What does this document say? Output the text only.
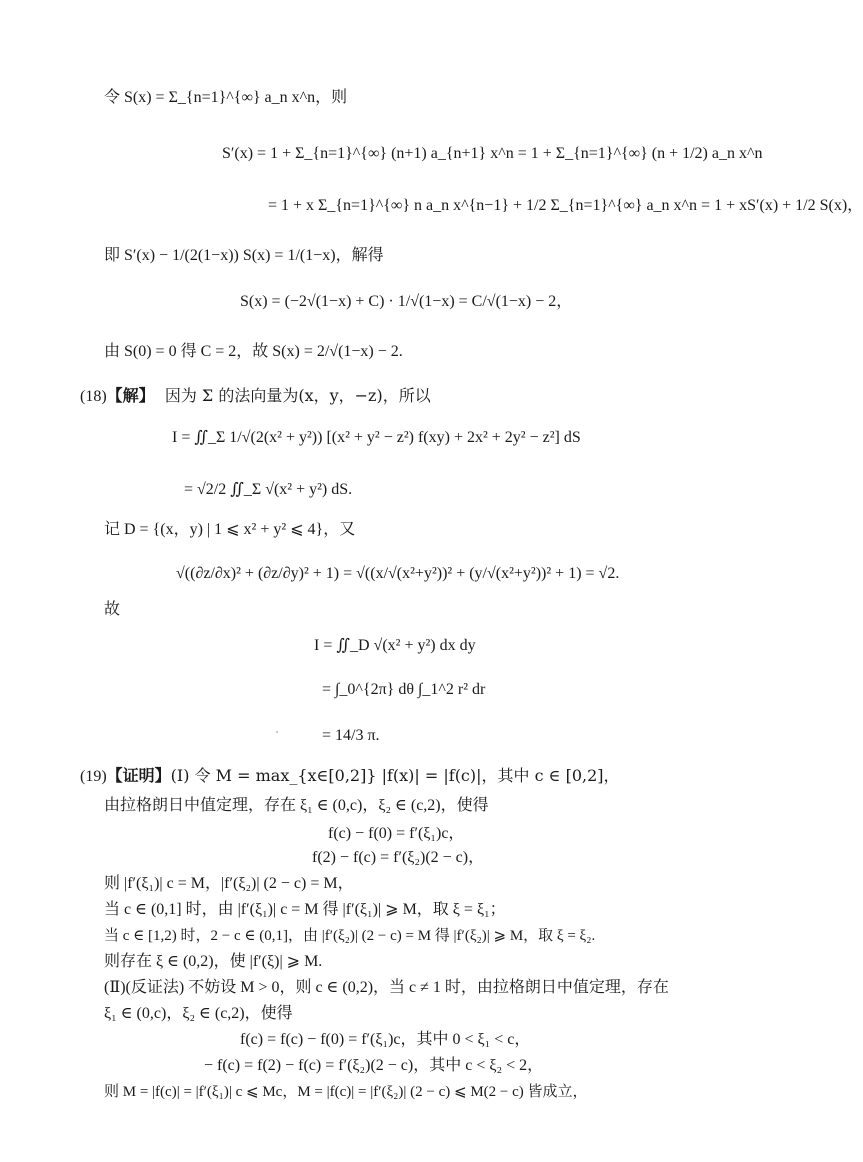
令 S(x) = Σ_{n=1}^{∞} a_n x^n，则
S′(x) = 1 + Σ_{n=1}^{∞} (n+1) a_{n+1} x^n = 1 + Σ_{n=1}^{∞} (n + 1/2) a_n x^n
= 1 + x Σ_{n=1}^{∞} n a_n x^{n−1} + 1/2 Σ_{n=1}^{∞} a_n x^n = 1 + xS′(x) + 1/2 S(x)，
即 S′(x) − 1/(2(1−x)) S(x) = 1/(1−x)，解得
S(x) = (−2√(1−x) + C) · 1/√(1−x) = C/√(1−x) − 2，
由 S(0) = 0 得 C = 2，故 S(x) = 2/√(1−x) − 2.
(18)【解】 因为 Σ 的法向量为(x，y，−z)，所以
I = ∬_Σ 1/√(2(x² + y²)) [(x² + y² − z²) f(xy) + 2x² + 2y² − z²] dS
= √2/2 ∬_Σ √(x² + y²) dS.
记 D = {(x，y) | 1 ⩽ x² + y² ⩽ 4}，又
√((∂z/∂x)² + (∂z/∂y)² + 1) = √((x/√(x²+y²))² + (y/√(x²+y²))² + 1) = √2.
故
I = ∬_D √(x² + y²) dx dy
= ∫_0^{2π} dθ ∫_1^2 r² dr
= 14/3 π.
(19)【证明】(Ⅰ) 令 M = max_{x∈[0,2]} |f(x)| = |f(c)|，其中 c ∈ [0,2]，
由拉格朗日中值定理，存在 ξ₁ ∈ (0,c)，ξ₂ ∈ (c,2)，使得
f(c) − f(0) = f′(ξ₁)c，
f(2) − f(c) = f′(ξ₂)(2 − c)，
则 |f′(ξ₁)| c = M，|f′(ξ₂)| (2 − c) = M，
当 c ∈ (0,1] 时，由 |f′(ξ₁)| c = M 得 |f′(ξ₁)| ⩾ M，取 ξ = ξ₁；
当 c ∈ [1,2) 时，2 − c ∈ (0,1]，由 |f′(ξ₂)| (2 − c) = M 得 |f′(ξ₂)| ⩾ M，取 ξ = ξ₂.
则存在 ξ ∈ (0,2)，使 |f′(ξ)| ⩾ M.
(Ⅱ)(反证法) 不妨设 M > 0，则 c ∈ (0,2)，当 c ≠ 1 时，由拉格朗日中值定理，存在
ξ₁ ∈ (0,c)，ξ₂ ∈ (c,2)，使得
f(c) = f(c) − f(0) = f′(ξ₁)c，其中 0 < ξ₁ < c，
− f(c) = f(2) − f(c) = f′(ξ₂)(2 − c)，其中 c < ξ₂ < 2，
则 M = |f(c)| = |f′(ξ₁)| c ⩽ Mc，M = |f(c)| = |f′(ξ₂)| (2 − c) ⩽ M(2 − c) 皆成立，
